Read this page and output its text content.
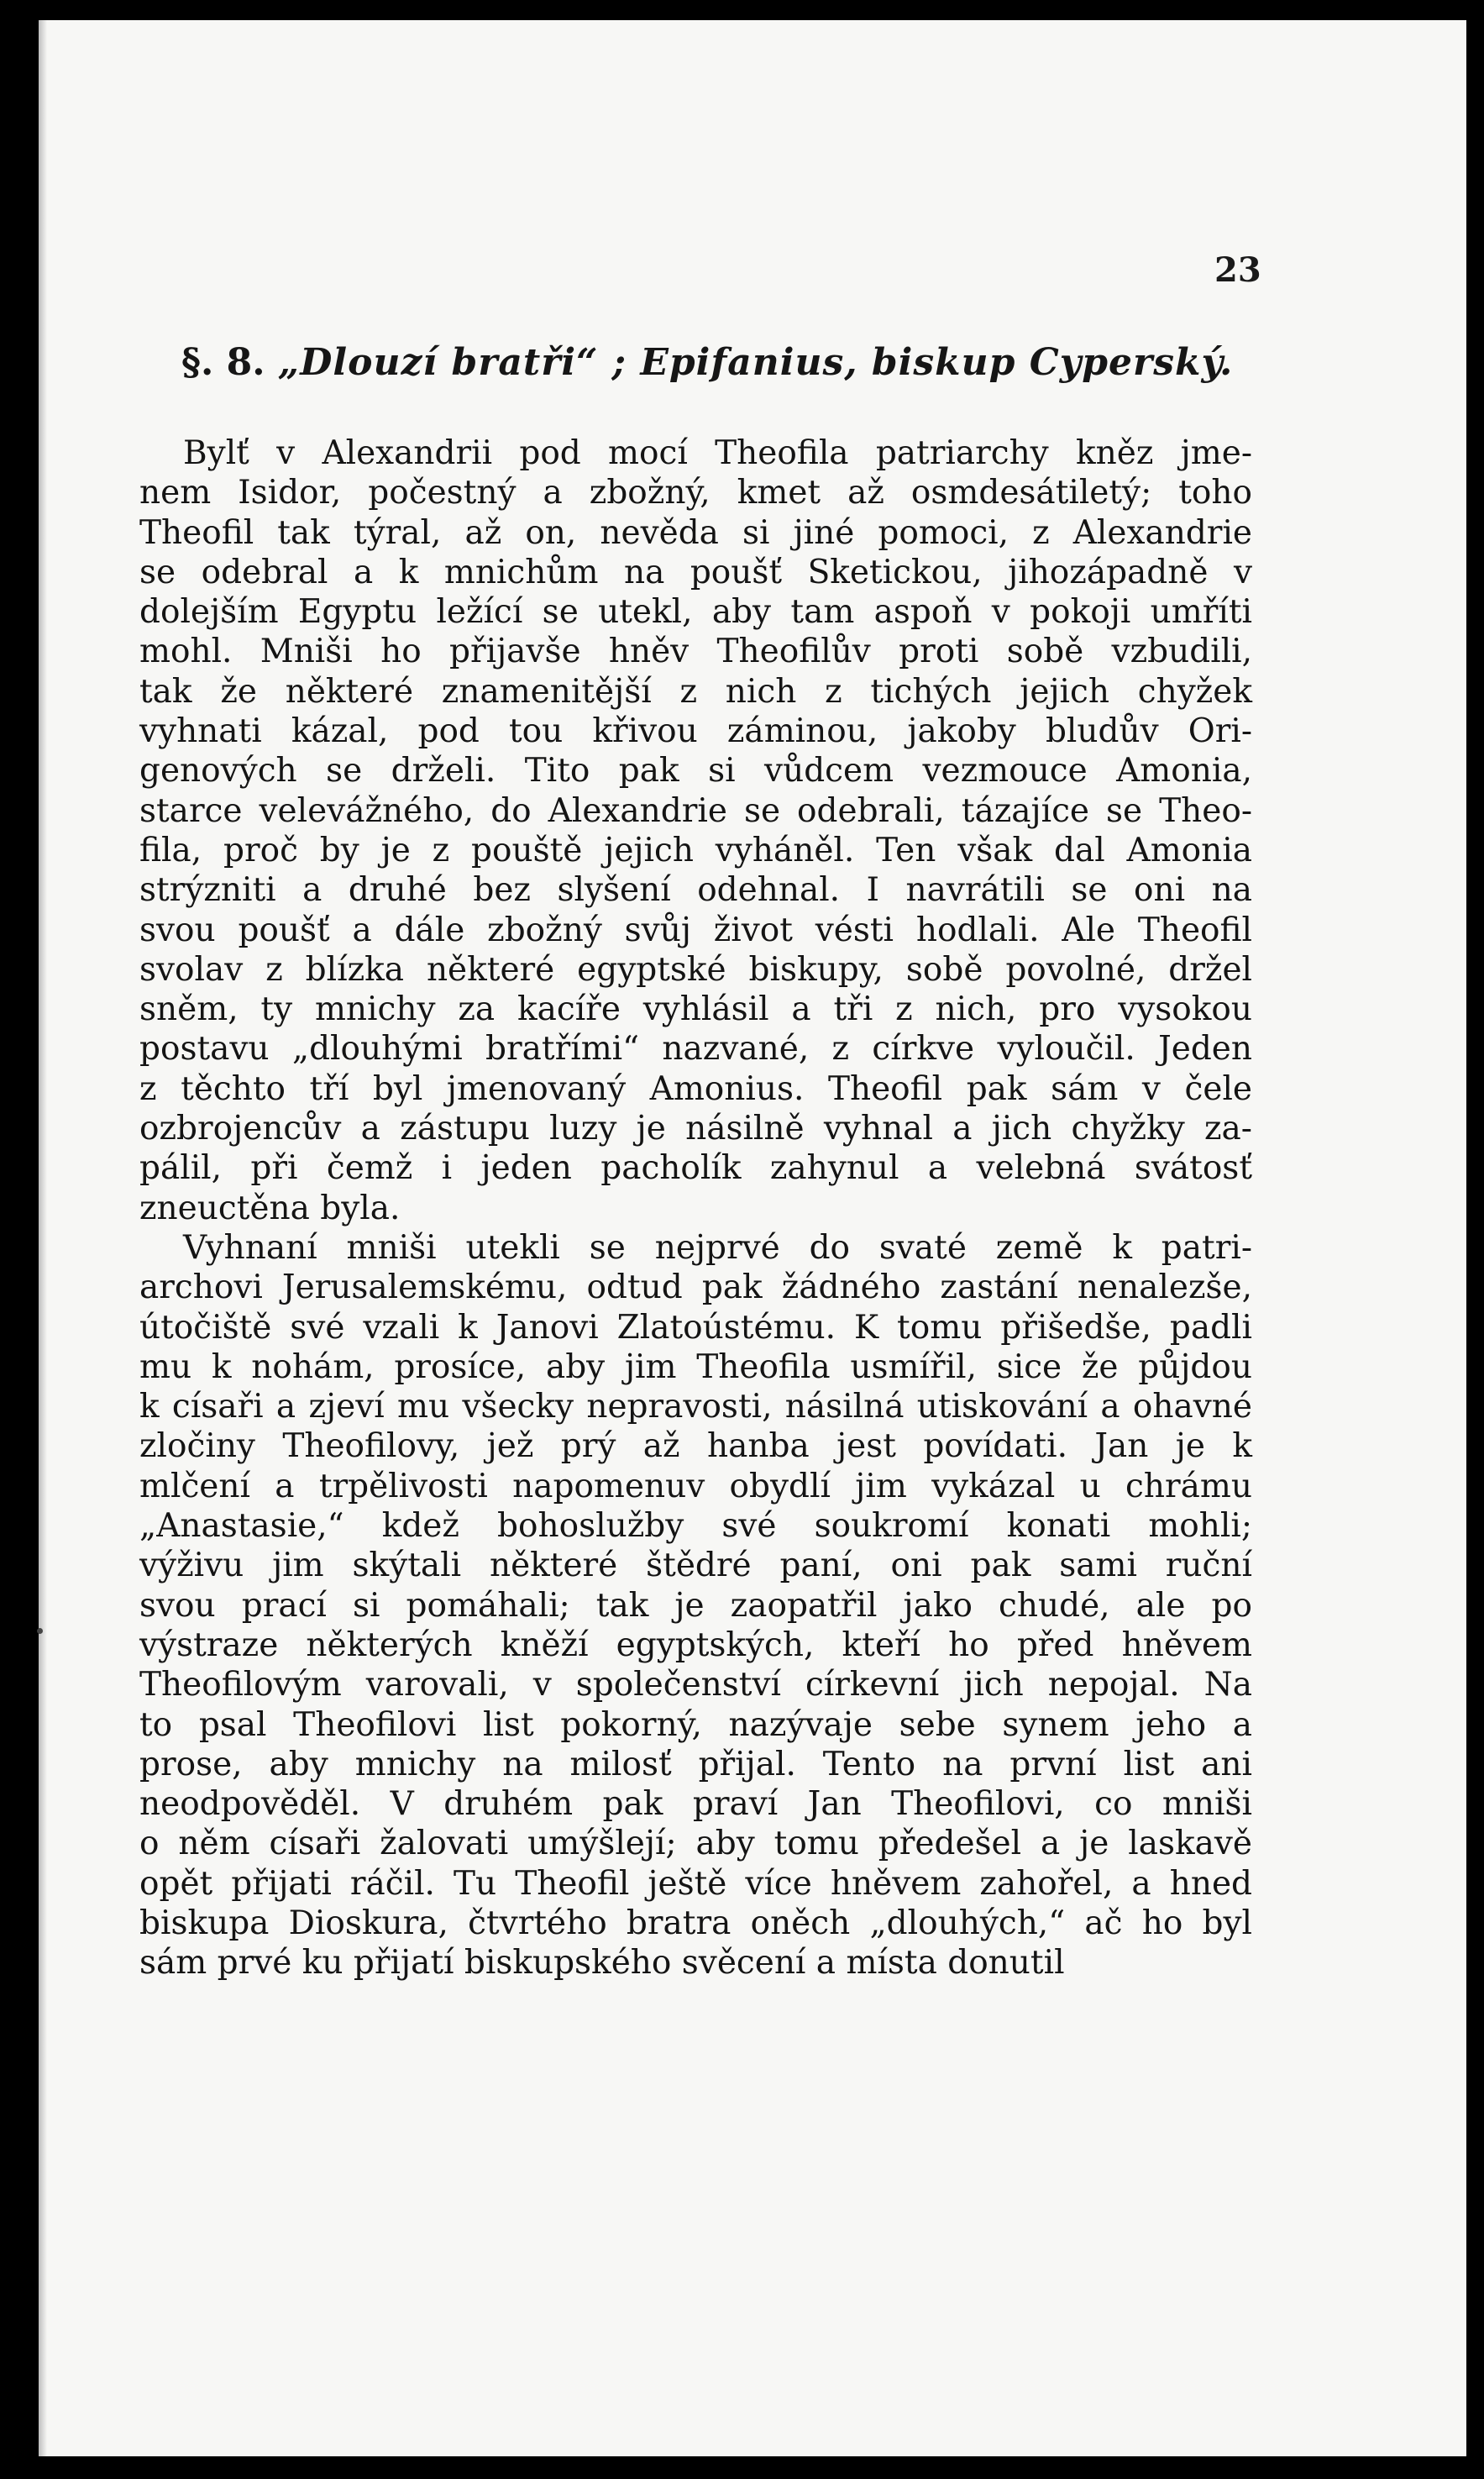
23
§. 8. „Dlouzí bratři“ ; Epifanius, biskup Cyperský.
Bylť v Alexandrii pod mocí Theofila patriarchy kněz jme-
nem Isidor, počestný a zbožný, kmet až osmdesátiletý; toho
Theofil tak týral, až on, nevěda si jiné pomoci, z Alexandrie
se odebral a k mnichům na poušť Sketickou, jihozápadně v
dolejším Egyptu ležící se utekl, aby tam aspoň v pokoji umříti
mohl. Mniši ho přijavše hněv Theofilův proti sobě vzbudili,
tak že některé znamenitější z nich z tichých jejich chyžek
vyhnati kázal, pod tou křivou záminou, jakoby bludův Ori-
genových se drželi. Tito pak si vůdcem vezmouce Amonia,
starce velevážného, do Alexandrie se odebrali, tázajíce se Theo-
fila, proč by je z pouště jejich vyháněl. Ten však dal Amonia
strýzniti a druhé bez slyšení odehnal. I navrátili se oni na
svou poušť a dále zbožný svůj život vésti hodlali. Ale Theofil
svolav z blízka některé egyptské biskupy, sobě povolné, držel
sněm, ty mnichy za kacíře vyhlásil a tři z nich, pro vysokou
postavu „dlouhými bratřími“ nazvané, z církve vyloučil. Jeden
z těchto tří byl jmenovaný Amonius. Theofil pak sám v čele
ozbrojencův a zástupu luzy je násilně vyhnal a jich chyžky za-
pálil, při čemž i jeden pacholík zahynul a velebná svátosť
zneuctěna byla.
Vyhnaní mniši utekli se nejprvé do svaté země k patri-
archovi Jerusalemskému, odtud pak žádného zastání nenalezše,
útočiště své vzali k Janovi Zlatoústému. K tomu přišedše, padli
mu k nohám, prosíce, aby jim Theofila usmířil, sice že půjdou
k císaři a zjeví mu všecky nepravosti, násilná utiskování a ohavné
zločiny Theofilovy, jež prý až hanba jest povídati. Jan je k
mlčení a trpělivosti napomenuv obydlí jim vykázal u chrámu
„Anastasie,“ kdež bohoslužby své soukromí konati mohli;
výživu jim skýtali některé štědré paní, oni pak sami ruční
svou prací si pomáhali; tak je zaopatřil jako chudé, ale po
výstraze některých kněží egyptských, kteří ho před hněvem
Theofilovým varovali, v společenství církevní jich nepojal. Na
to psal Theofilovi list pokorný, nazývaje sebe synem jeho a
prose, aby mnichy na milosť přijal. Tento na první list ani
neodpověděl. V druhém pak praví Jan Theofilovi, co mniši
o něm císaři žalovati umýšlejí; aby tomu předešel a je laskavě
opět přijati ráčil. Tu Theofil ještě více hněvem zahořel, a hned
biskupa Dioskura, čtvrtého bratra oněch „dlouhých,“ ač ho byl
sám prvé ku přijatí biskupského svěcení a místa donutil
